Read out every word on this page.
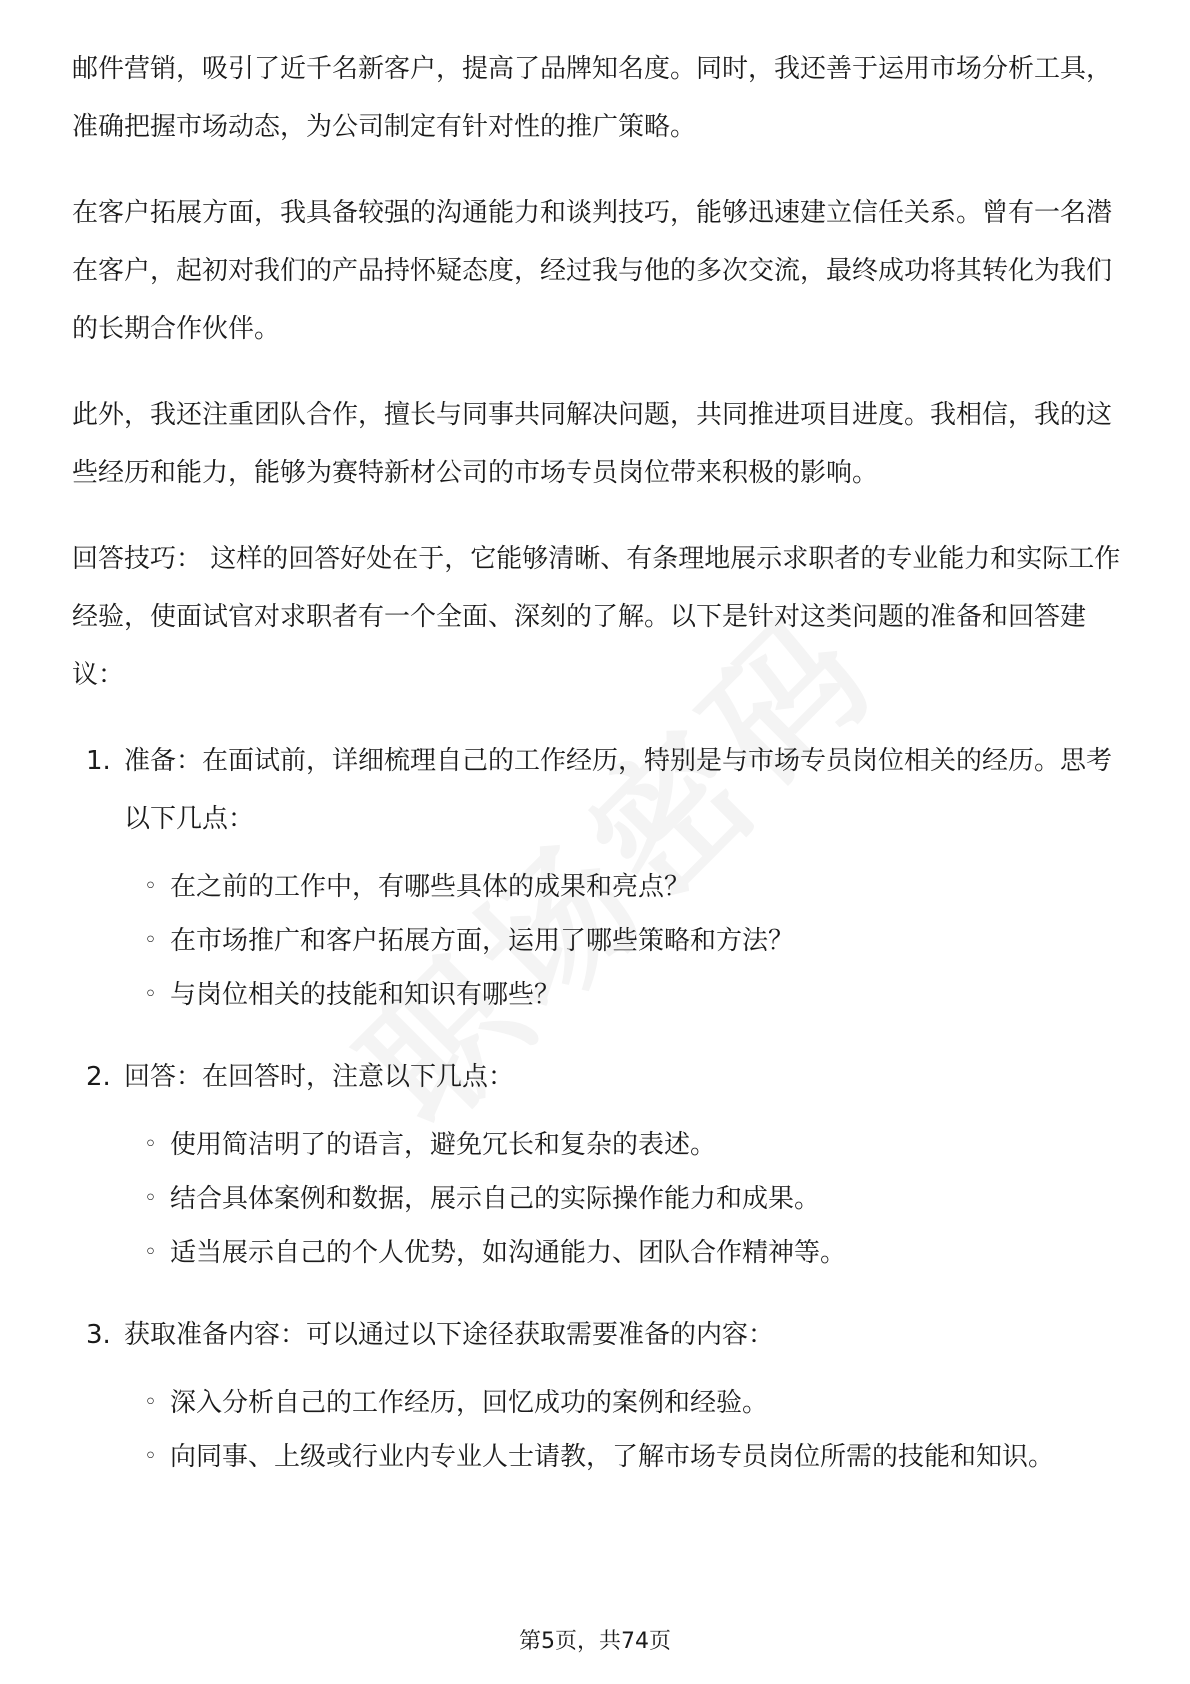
邮件营销，吸引了近千名新客户，提高了品牌知名度。同时，我还善于运用市场分析工具，准确把握市场动态，为公司制定有针对性的推广策略。

在客户拓展方面，我具备较强的沟通能力和谈判技巧，能够迅速建立信任关系。曾有一名潜在客户，起初对我们的产品持怀疑态度，经过我与他的多次交流，最终成功将其转化为我们的长期合作伙伴。

此外，我还注重团队合作，擅长与同事共同解决问题，共同推进项目进度。我相信，我的这些经历和能力，能够为赛特新材公司的市场专员岗位带来积极的影响。

回答技巧： 这样的回答好处在于，它能够清晰、有条理地展示求职者的专业能力和实际工作经验，使面试官对求职者有一个全面、深刻的了解。以下是针对这类问题的准备和回答建议：

1. 准备：在面试前，详细梳理自己的工作经历，特别是与市场专员岗位相关的经历。思考以下几点：
◦ 在之前的工作中，有哪些具体的成果和亮点？
◦ 在市场推广和客户拓展方面，运用了哪些策略和方法？
◦ 与岗位相关的技能和知识有哪些？
2. 回答：在回答时，注意以下几点：
◦ 使用简洁明了的语言，避免冗长和复杂的表述。
◦ 结合具体案例和数据，展示自己的实际操作能力和成果。
◦ 适当展示自己的个人优势，如沟通能力、团队合作精神等。
3. 获取准备内容：可以通过以下途径获取需要准备的内容：
◦ 深入分析自己的工作经历，回忆成功的案例和经验。
◦ 向同事、上级或行业内专业人士请教，了解市场专员岗位所需的技能和知识。
第5页，共74页
